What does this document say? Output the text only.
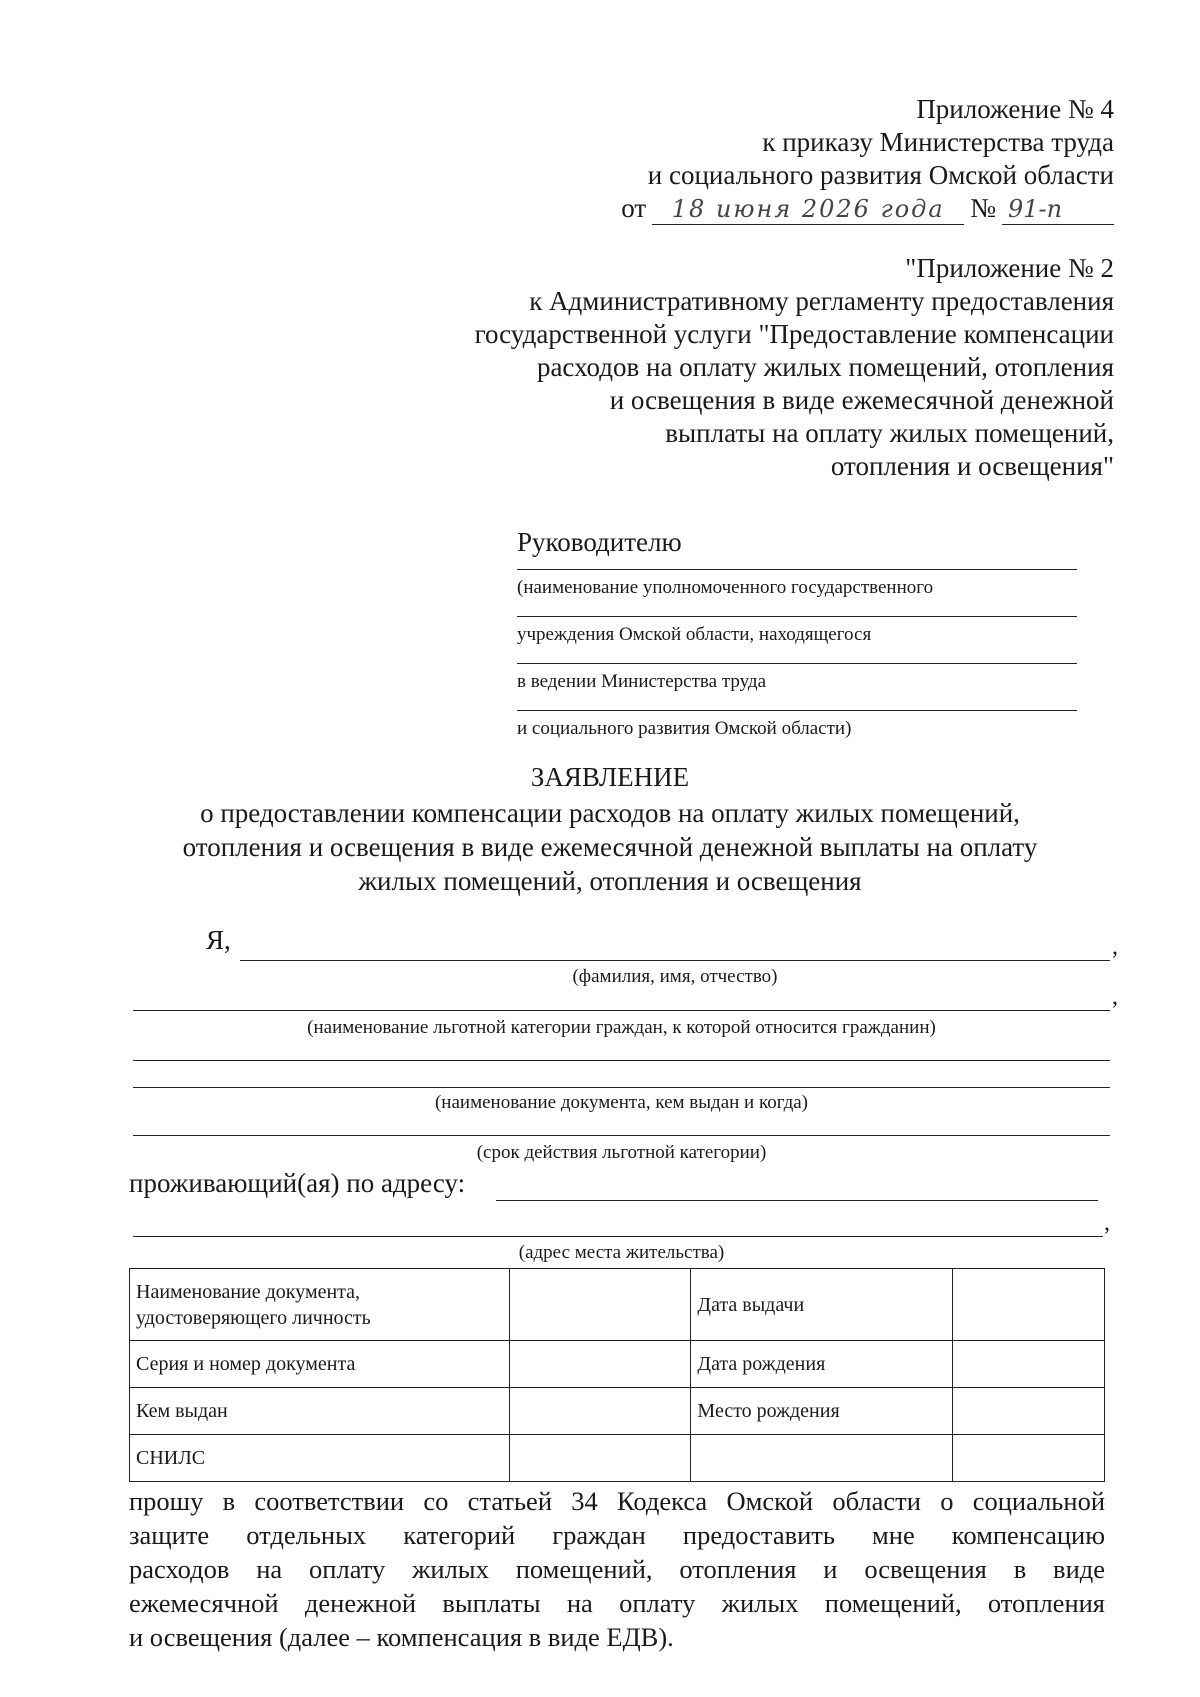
Приложение № 4
к приказу Министерства труда
и социального развития Омской области
от	18 июня 2026 года № 91-п
"Приложение № 2
к Административному регламенту предоставления
государственной услуги "Предоставление компенсации
расходов на оплату жилых помещений, отопления
и освещения в виде ежемесячной денежной
выплаты на оплату жилых помещений,
отопления и освещения"
Руководителю
(наименование уполномоченного государственного
учреждения Омской области, находящегося
в ведении Министерства труда
и социального развития Омской области)
ЗАЯВЛЕНИЕ
о предоставлении компенсации расходов на оплату жилых помещений,
отопления и освещения в виде ежемесячной денежной выплаты на оплату
жилых помещений, отопления и освещения
Я,	,
(фамилия, имя, отчество)
,
(наименование льготной категории граждан, к которой относится гражданин)
(наименование документа, кем выдан и когда)
(срок действия льготной категории)
проживающий(ая) по адресу:
,
(адрес места жительства)
Наименование документа, удостоверяющего личность		Дата выдачи	
Серия и номер документа		Дата рождения	
Кем выдан		Место рождения	
СНИЛС			

прошу в соответствии со статьей 34 Кодекса Омской области о социальной

защите отдельных категорий граждан предоставить мне компенсацию

расходов на оплату жилых помещений, отопления и освещения в виде

ежемесячной денежной выплаты на оплату жилых помещений, отопления

и освещения (далее – компенсация в виде ЕДВ).
